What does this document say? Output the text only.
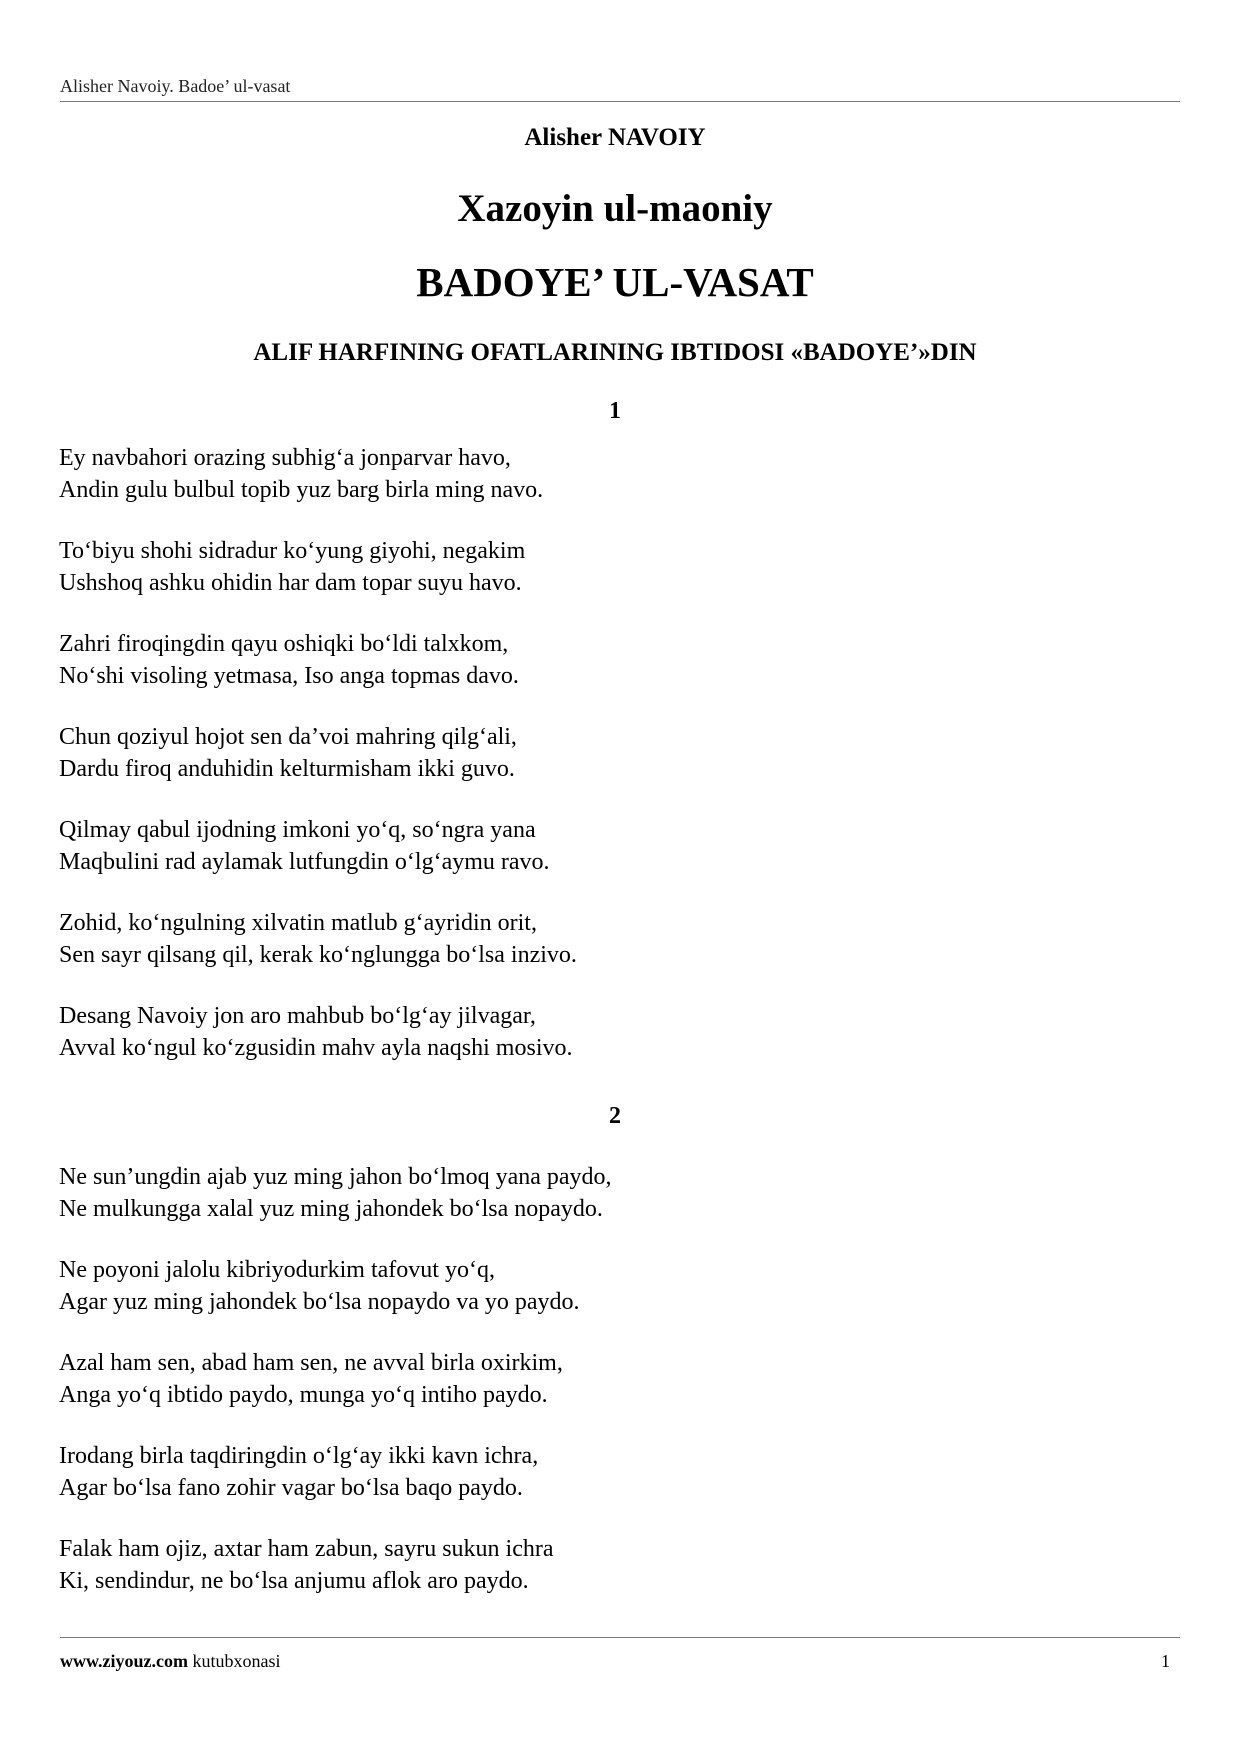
Alisher Navoiy. Badoe’ ul-vasat
Alisher NAVOIY
Xazoyin ul-maoniy
BADOYE’ UL-VASAT
ALIF HARFINING OFATLARINING IBTIDOSI «BADOYE’»DIN
1
Ey navbahori orazing subhig‘a jonparvar havo,
Andin gulu bulbul topib yuz barg birla ming navo.
To‘biyu shohi sidradur ko‘yung giyohi, negakim
Ushshoq ashku ohidin har dam topar suyu havo.
Zahri firoqingdin qayu oshiqki bo‘ldi talxkom,
No‘shi visoling yetmasa, Iso anga topmas davo.
Chun qoziyul hojot sen da’voi mahring qilg‘ali,
Dardu firoq anduhidin kelturmisham ikki guvo.
Qilmay qabul ijodning imkoni yo‘q, so‘ngra yana
Maqbulini rad aylamak lutfungdin o‘lg‘aymu ravo.
Zohid, ko‘ngulning xilvatin matlub g‘ayridin orit,
Sen sayr qilsang qil, kerak ko‘nglungga bo‘lsa inzivo.
Desang Navoiy jon aro mahbub bo‘lg‘ay jilvagar,
Avval ko‘ngul ko‘zgusidin mahv ayla naqshi mosivo.
2
Ne sun’ungdin ajab yuz ming jahon bo‘lmoq yana paydo,
Ne mulkungga xalal yuz ming jahondek bo‘lsa nopaydo.
Ne poyoni jalolu kibriyodurkim tafovut yo‘q,
Agar yuz ming jahondek bo‘lsa nopaydo va yo paydo.
Azal ham sen, abad ham sen, ne avval birla oxirkim,
Anga yo‘q ibtido paydo, munga yo‘q intiho paydo.
Irodang birla taqdiringdin o‘lg‘ay ikki kavn ichra,
Agar bo‘lsa fano zohir vagar bo‘lsa baqo paydo.
Falak ham ojiz, axtar ham zabun, sayru sukun ichra
Ki, sendindur, ne bo‘lsa anjumu aflok aro paydo.
www.ziyouz.com kutubxonasi	1
